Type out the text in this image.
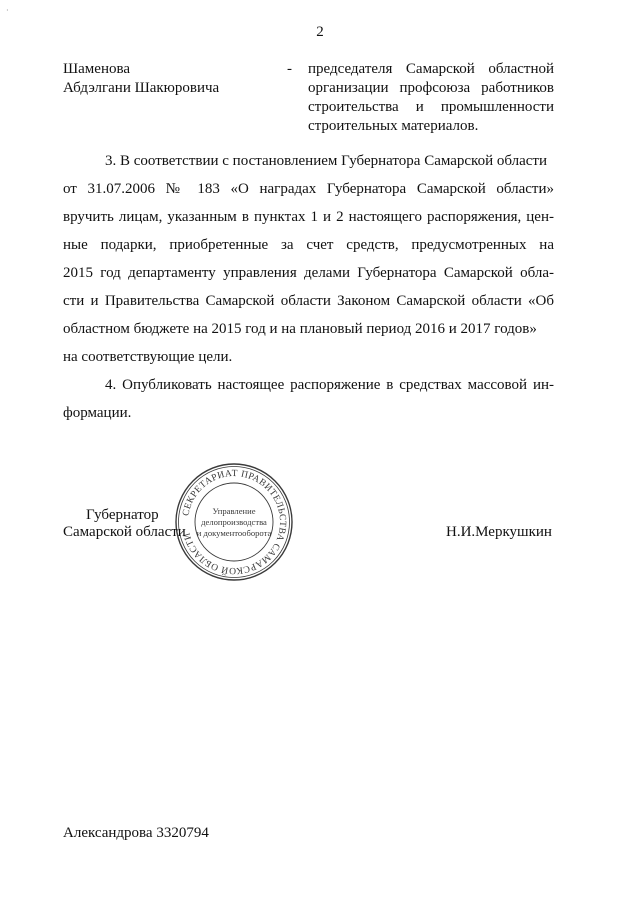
·
2
Шаменова
Абдэлгани Шакюровича
- председателя Самарской областной
организации профсоюза работников
строительства и промышленности
строительных материалов.
3. В соответствии с постановлением Губернатора Самарской области
от 31.07.2006 № 183 «О наградах Губернатора Самарской области»
вручить лицам, указанным в пунктах 1 и 2 настоящего распоряжения, цен-
ные подарки, приобретенные за счет средств, предусмотренных на
2015 год департаменту управления делами Губернатора Самарской обла-
сти и Правительства Самарской области Законом Самарской области «Об
областном бюджете на 2015 год и на плановый период 2016 и 2017 годов»
на соответствующие цели.
4. Опубликовать настоящее распоряжение в средствах массовой ин-
формации.
СЕКРЕТАРИАТ ПРАВИТЕЛЬСТВА САМАРСКОЙ ОБЛАСТИ
Управление
делопроизводства
и документооборота
Губернатор
Самарской области	Н.И.Меркушкин
Александрова 3320794
